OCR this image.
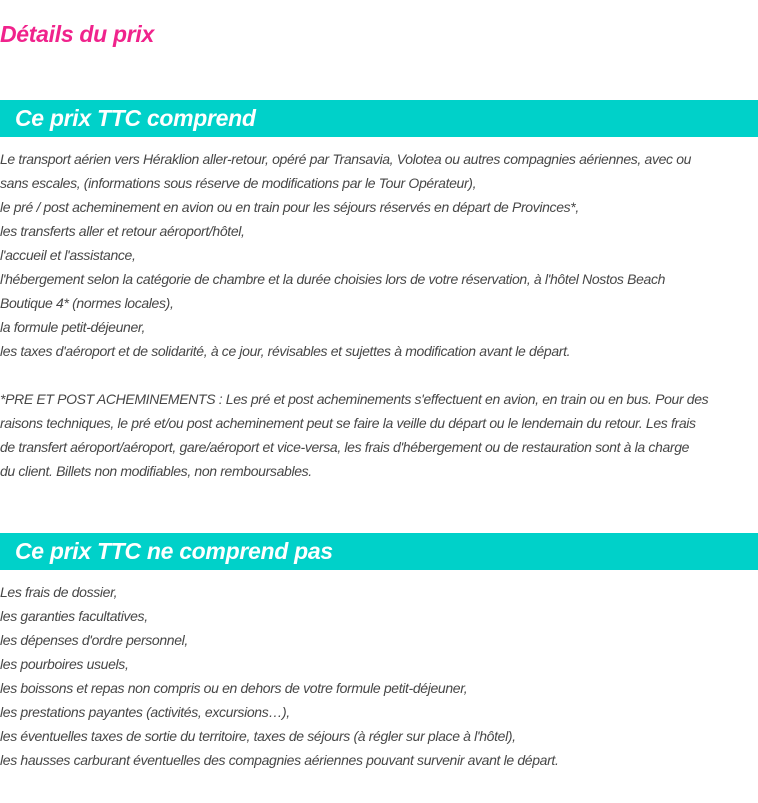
Détails du prix
Ce prix TTC comprend
Le transport aérien vers Héraklion aller-retour, opéré par Transavia, Volotea ou autres compagnies aériennes, avec ou
sans escales, (informations sous réserve de modifications par le Tour Opérateur),
le pré / post acheminement en avion ou en train pour les séjours réservés en départ de Provinces*,
les transferts aller et retour aéroport/hôtel,
l'accueil et l'assistance,
l'hébergement selon la catégorie de chambre et la durée choisies lors de votre réservation, à l'hôtel Nostos Beach
Boutique 4* (normes locales),
la formule petit-déjeuner,
les taxes d'aéroport et de solidarité, à ce jour, révisables et sujettes à modification avant le départ.
*PRE ET POST ACHEMINEMENTS : Les pré et post acheminements s'effectuent en avion, en train ou en bus. Pour des
raisons techniques, le pré et/ou post acheminement peut se faire la veille du départ ou le lendemain du retour. Les frais
de transfert aéroport/aéroport, gare/aéroport et vice-versa, les frais d'hébergement ou de restauration sont à la charge
du client. Billets non modifiables, non remboursables.
Ce prix TTC ne comprend pas
Les frais de dossier,
les garanties facultatives,
les dépenses d'ordre personnel,
les pourboires usuels,
les boissons et repas non compris ou en dehors de votre formule petit-déjeuner,
les prestations payantes (activités, excursions…),
les éventuelles taxes de sortie du territoire, taxes de séjours (à régler sur place à l'hôtel),
les hausses carburant éventuelles des compagnies aériennes pouvant survenir avant le départ.
